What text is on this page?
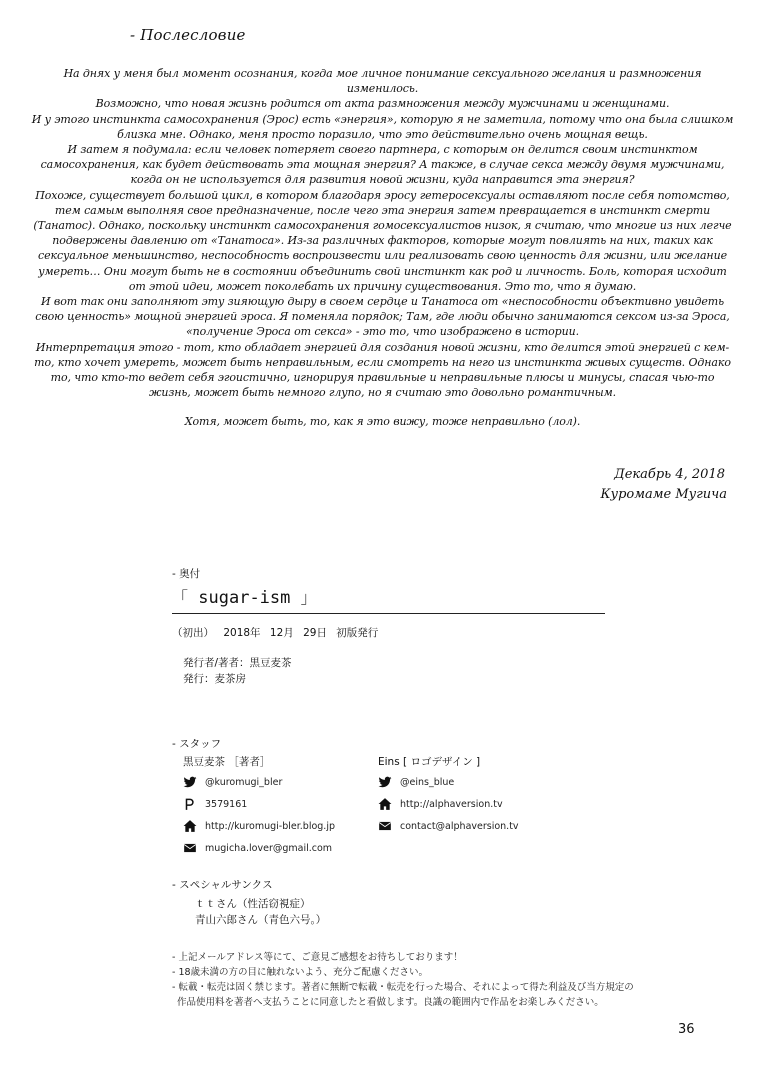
- Послесловие

На днях у меня был момент осознания, когда мое личное понимание сексуального желания и размножения изменилось.

Возможно, что новая жизнь родится от акта размножения между мужчинами и женщинами.

И у этого инстинкта самосохранения (Эрос) есть «энергия», которую я не заметила, потому что она была слишком близка мне. Однако, меня просто поразило, что это действительно очень мощная вещь.

И затем я подумала: если человек потеряет своего партнера, с которым он делится своим инстинктом самосохранения, как будет действовать эта мощная энергия? А также, в случае секса между двумя мужчинами, когда он не используется для развития новой жизни, куда направится эта энергия?

Похоже, существует большой цикл, в котором благодаря эросу гетеросексуалы оставляют после себя потомство, тем самым выполняя свое предназначение, после чего эта энергия затем превращается в инстинкт смерти (Танатос). Однако, поскольку инстинкт самосохранения гомосексуалистов низок, я считаю, что многие из них легче подвержены давлению от «Танатоса». Из-за различных факторов, которые могут повлиять на них, таких как сексуальное меньшинство, неспособность воспроизвести или реализовать свою ценность для жизни, или желание умереть… Они могут быть не в состоянии объединить свой инстинкт как род и личность. Боль, которая исходит от этой идеи, может поколебать их причину существования. Это то, что я думаю.

И вот так они заполняют эту зияющую дыру в своем сердце и Танатоса от «неспособности объективно увидеть свою ценность» мощной энергией эроса. Я поменяла порядок; Там, где люди обычно занимаются сексом из-за Эроса, «получение Эроса от секса» - это то, что изображено в истории.

Интерпретация этого - тот, кто обладает энергией для создания новой жизни, кто делится этой энергией с кем-то, кто хочет умереть, может быть неправильным, если смотреть на него из инстинкта живых существ. Однако то, что кто-то ведет себя эгоистично, игнорируя правильные и неправильные плюсы и минусы, спасая чью-то жизнь, может быть немного глупо, но я считаю это довольно романтичным.

Хотя, может быть, то, как я это вижу, тоже неправильно (лол).

Декабрь 4, 2018
Куромаме Мугича
- 奥付
「 sugar-ism 」
（初出） 2018年 12月 29日 初版発行
発行者/著者：黒豆麦茶
発行：麦茶房
- スタッフ
黒豆麦茶 ［著者］
@kuromugi_bler
3579161
http://kuromugi-bler.blog.jp
mugicha.lover@gmail.com
Eins [ ロゴデザイン ]
@eins_blue
http://alphaversion.tv
contact@alphaversion.tv
- スペシャルサンクス
ｔｔさん（性活窃視症）
青山六郎さん（青色六号。）

- 上記メールアドレス等にて、ご意見ご感想をお待ちしております！

- 18歳未満の方の目に触れないよう、充分ご配慮ください。

- 転載・転売は固く禁じます。著者に無断で転載・転売を行った場合、それによって得た利益及び当方規定の

作品使用料を著者へ支払うことに同意したと看做します。良識の範囲内で作品をお楽しみください。

36
